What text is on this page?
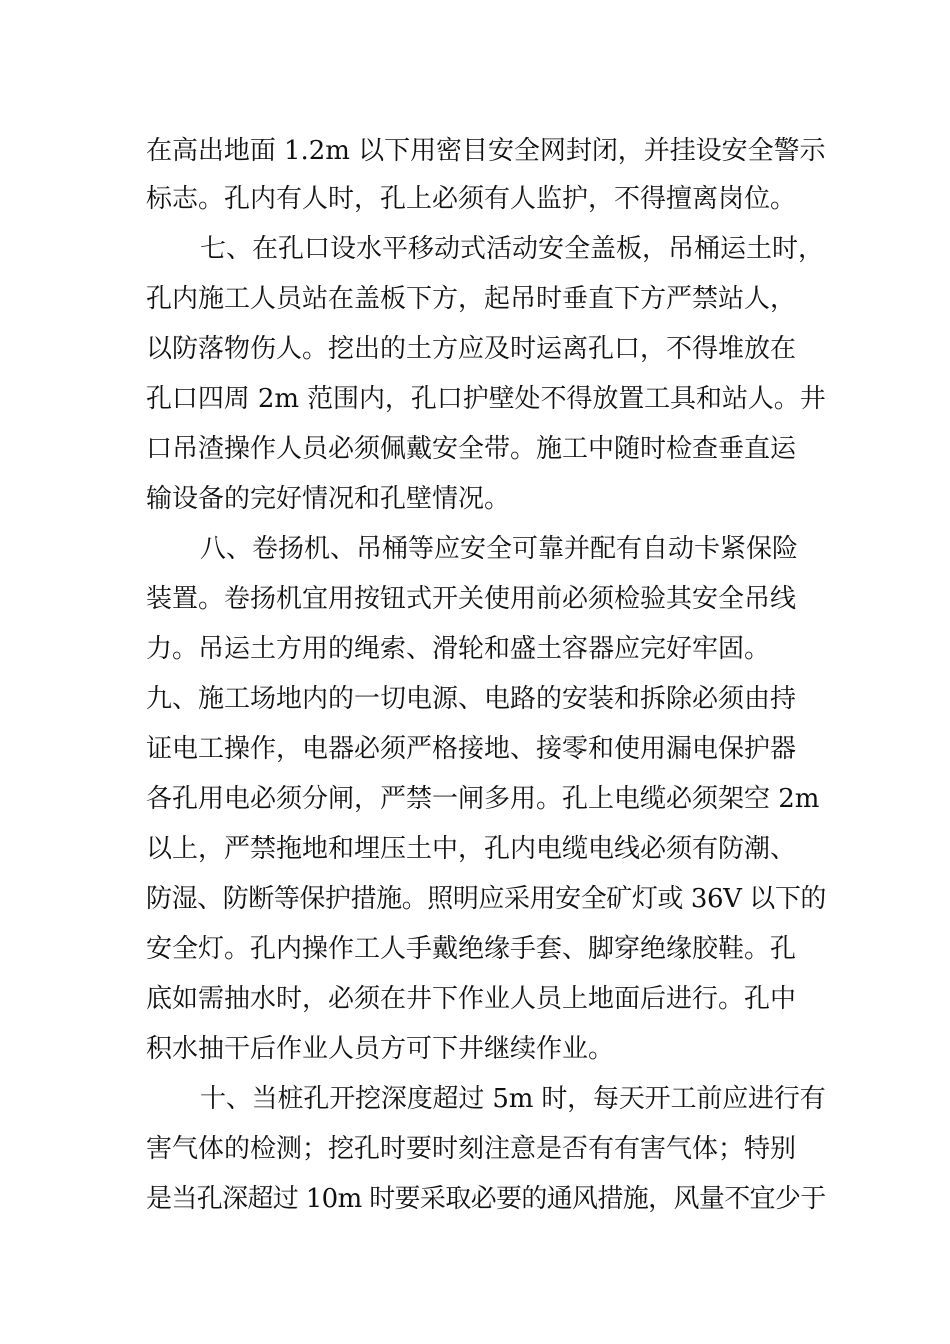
在高出地面 1.2m 以下用密目安全网封闭，并挂设安全警示
标志。孔内有人时，孔上必须有人监护，不得擅离岗位。
七、在孔口设水平移动式活动安全盖板，吊桶运土时，
孔内施工人员站在盖板下方，起吊时垂直下方严禁站人，
以防落物伤人。挖出的土方应及时运离孔口，不得堆放在
孔口四周 2m 范围内，孔口护壁处不得放置工具和站人。井
口吊渣操作人员必须佩戴安全带。施工中随时检查垂直运
输设备的完好情况和孔壁情况。
八、卷扬机、吊桶等应安全可靠并配有自动卡紧保险
装置。卷扬机宜用按钮式开关使用前必须检验其安全吊线
力。吊运土方用的绳索、滑轮和盛土容器应完好牢固。
九、施工场地内的一切电源、电路的安装和拆除必须由持
证电工操作，电器必须严格接地、接零和使用漏电保护器
各孔用电必须分闸，严禁一闸多用。孔上电缆必须架空 2m
以上，严禁拖地和埋压土中，孔内电缆电线必须有防潮、
防湿、防断等保护措施。照明应采用安全矿灯或 36V 以下的
安全灯。孔内操作工人手戴绝缘手套、脚穿绝缘胶鞋。孔
底如需抽水时，必须在井下作业人员上地面后进行。孔中
积水抽干后作业人员方可下井继续作业。
十、当桩孔开挖深度超过 5m 时，每天开工前应进行有
害气体的检测；挖孔时要时刻注意是否有有害气体；特别
是当孔深超过 10m 时要采取必要的通风措施，风量不宜少于
